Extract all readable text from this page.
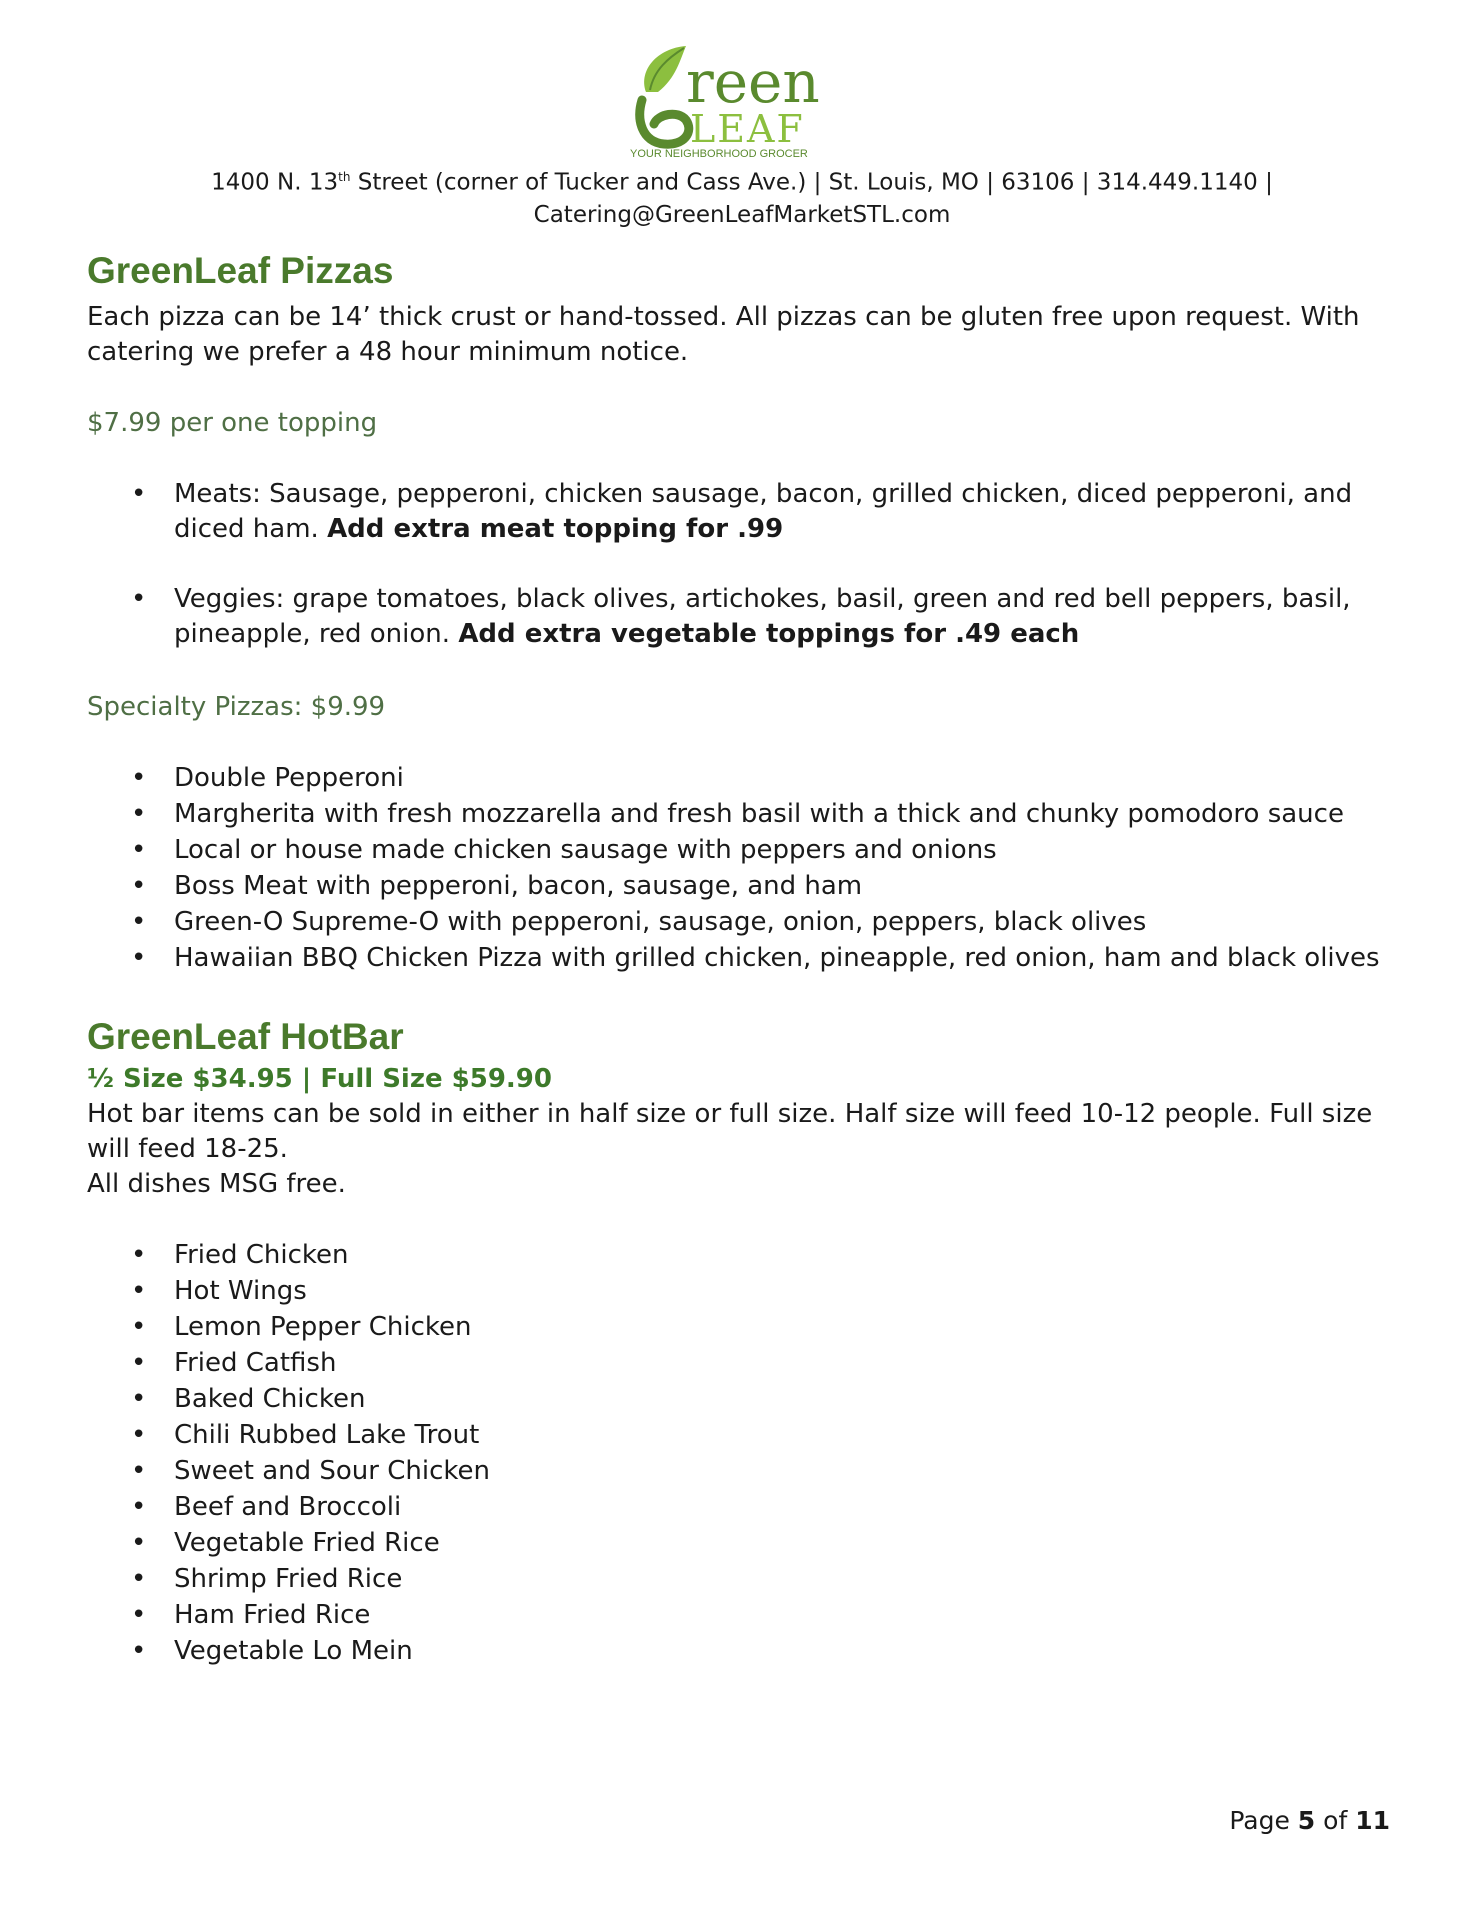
reen
LEAF
YOUR NEIGHBORHOOD GROCER
1400 N. 13th Street (corner of Tucker and Cass Ave.) | St. Louis, MO | 63106 | 314.449.1140 |
Catering@GreenLeafMarketSTL.com
GreenLeaf Pizzas

Each pizza can be 14’ thick crust or hand-tossed. All pizzas can be gluten free upon request. With catering we prefer a 48 hour minimum notice.

$7.99 per one topping
• Meats: Sausage, pepperoni, chicken sausage, bacon, grilled chicken, diced pepperoni, and diced ham. Add extra meat topping for .99
• Veggies: grape tomatoes, black olives, artichokes, basil, green and red bell peppers, basil, pineapple, red onion. Add extra vegetable toppings for .49 each
Specialty Pizzas: $9.99
• Double Pepperoni
• Margherita with fresh mozzarella and fresh basil with a thick and chunky pomodoro sauce
• Local or house made chicken sausage with peppers and onions
• Boss Meat with pepperoni, bacon, sausage, and ham
• Green-O Supreme-O with pepperoni, sausage, onion, peppers, black olives
• Hawaiian BBQ Chicken Pizza with grilled chicken, pineapple, red onion, ham and black olives
GreenLeaf HotBar
½ Size $34.95 | Full Size $59.90

Hot bar items can be sold in either in half size or full size. Half size will feed 10-12 people. Full size will feed 18-25.

All dishes MSG free.

• Fried Chicken
• Hot Wings
• Lemon Pepper Chicken
• Fried Catfish
• Baked Chicken
• Chili Rubbed Lake Trout
• Sweet and Sour Chicken
• Beef and Broccoli
• Vegetable Fried Rice
• Shrimp Fried Rice
• Ham Fried Rice
• Vegetable Lo Mein
Page 5 of 11
